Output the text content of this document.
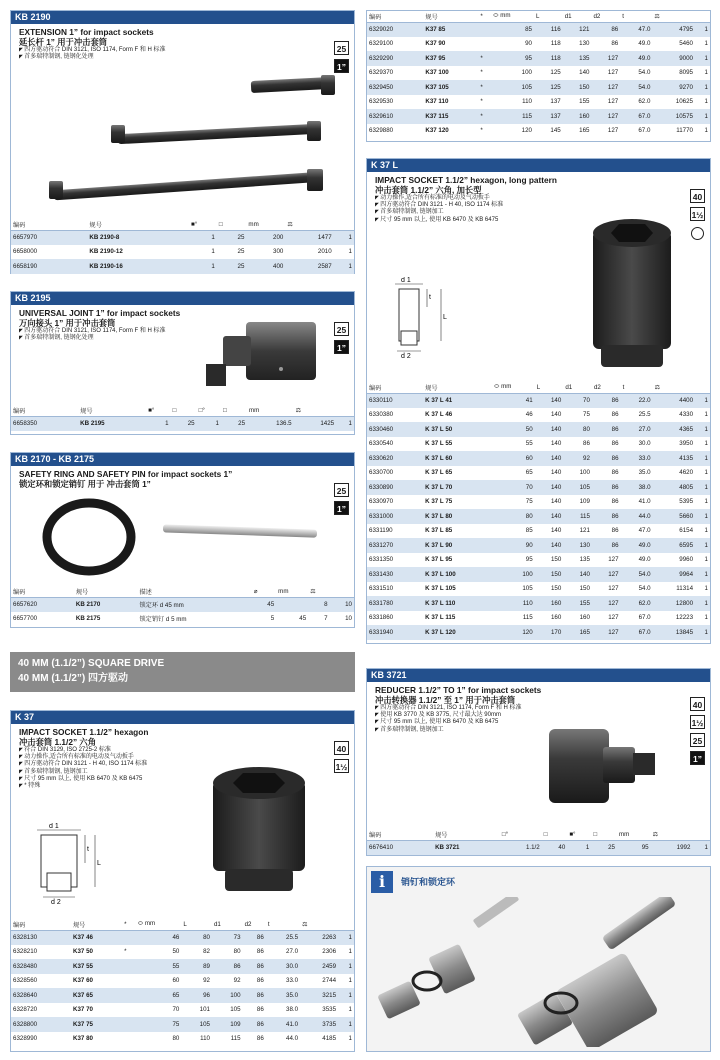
KB 2190
EXTENSION 1” for impact sockets
延长杆 1” 用于冲击套筒
◤ 四方驱动符合 DIN 3121, ISO 1174, Form F 和 H 标准
◤ 首多瑞特制钢, 链钢化处理
25
1”
编码	规号	■°	□	mm	⚖	
6657970	KB 2190-8	1	25	200	1477	1
6658000	KB 2190-12	1	25	300	2010	1
6658190	KB 2190-16	1	25	400	2587	1
KB 2195
UNIVERSAL JOINT 1” for impact sockets
万向接头 1” 用于冲击套筒
◤ 四方驱动符合 DIN 3121, ISO 1174, Form F 和 H 标准
◤ 首多瑞特制钢, 链钢化处理
25
1”
编码	规号	■°	□	□°	□	mm	⚖	
6658350	KB 2195	1	25	1	25	136.5	1425	1
KB 2170 - KB 2175
SAFETY RING AND SAFETY PIN for impact sockets 1”
锁定环和锁定销钉 用于 冲击套筒 1”
25
1”
编码	规号	描述	⌀	mm	⚖	
6657620	KB 2170	锁定环 d 45 mm	45		8	10
6657700	KB 2175	锁定销钉 d 5 mm	5	45	7	10
40 MM (1.1/2”) SQUARE DRIVE
40 MM (1.1/2”) 四方驱动
K 37
IMPACT SOCKET 1.1/2” hexagon
冲击套筒 1.1/2” 六角
◤ 符合 DIN 3129, ISO 2725-2 标准
◤ 动力操作,适合所有标准的电动及气动扳手
◤ 四方驱动符合 DIN 3121 - H 40, ISO 1174 标准
◤ 首多瑞特制钢, 链钢加工
◤ 尺寸 95 mm 以上, 使用 KB 6470 及 KB 6475
◤ * 特殊
40
1½
d 1
d 2
t
L
编码	规号	*	⬭ mm	L	d1	d2	t	⚖	
6328130	K37 46		46	80	73	86	25.5	2263	1
6328210	K37 50	*	50	82	80	86	27.0	2306	1
6328480	K37 55		55	89	86	86	30.0	2459	1
6328560	K37 60		60	92	92	86	33.0	2744	1
6328640	K37 65		65	96	100	86	35.0	3215	1
6328720	K37 70		70	101	105	86	38.0	3535	1
6328800	K37 75		75	105	109	86	41.0	3735	1
6328990	K37 80		80	110	115	86	44.0	4185	1
编码	规号	*	⬭ mm	L	d1	d2	t	⚖	
6329020	K37 85		85	116	121	86	47.0	4795	1
6329100	K37 90		90	118	130	86	49.0	5460	1
6329290	K37 95	*	95	118	135	127	49.0	9000	1
6329370	K37 100	*	100	125	140	127	54.0	8095	1
6329450	K37 105	*	105	125	150	127	54.0	9270	1
6329530	K37 110	*	110	137	155	127	62.0	10625	1
6329610	K37 115	*	115	137	160	127	67.0	10575	1
6329880	K37 120	*	120	145	165	127	67.0	11770	1
K 37 L
IMPACT SOCKET 1.1/2” hexagon, long pattern
冲击套筒 1.1/2” 六角, 加长型
◤ 动力操作,适合所有标准的电动及气动扳手
◤ 四方驱动符合 DIN 3121 - H 40, ISO 1174 标准
◤ 首多瑞特制钢, 链钢加工
◤ 尺寸 95 mm 以上, 使用 KB 6470 及 KB 6475
40
1½
d 1
d 2
t
L
编码	规号	⬭ mm	L	d1	d2	t	⚖	
6330110	K 37 L 41	41	140	70	86	22.0	4400	1
6330380	K 37 L 46	46	140	75	86	25.5	4330	1
6330460	K 37 L 50	50	140	80	86	27.0	4365	1
6330540	K 37 L 55	55	140	86	86	30.0	3950	1
6330620	K 37 L 60	60	140	92	86	33.0	4135	1
6330700	K 37 L 65	65	140	100	86	35.0	4620	1
6330890	K 37 L 70	70	140	105	86	38.0	4805	1
6330970	K 37 L 75	75	140	109	86	41.0	5395	1
6331000	K 37 L 80	80	140	115	86	44.0	5660	1
6331190	K 37 L 85	85	140	121	86	47.0	6154	1
6331270	K 37 L 90	90	140	130	86	49.0	6595	1
6331350	K 37 L 95	95	150	135	127	49.0	9960	1
6331430	K 37 L 100	100	150	140	127	54.0	9964	1
6331510	K 37 L 105	105	150	150	127	54.0	11314	1
6331780	K 37 L 110	110	160	155	127	62.0	12800	1
6331860	K 37 L 115	115	160	160	127	67.0	12223	1
6331940	K 37 L 120	120	170	165	127	67.0	13845	1
KB 3721
REDUCER 1.1/2” TO 1” for impact sockets
冲击转换器 1.1/2” 至 1” 用于冲击套筒
◤ 四方驱动符合 DIN 3121, ISO 1174, Form F 和 H 标准
◤ 使用 KB 3770 及 KB 3775, 尺寸最大达 90mm
◤ 尺寸 95 mm 以上, 使用 KB 6470 及 KB 6475
◤ 首多瑞特制钢, 链钢加工
40
1½
25
1”
编码	规号	□°	□	■°	□	mm	⚖	
6676410	KB 3721	1.1/2	40	1	25	95	1992	1
i	销钉和锁定环
